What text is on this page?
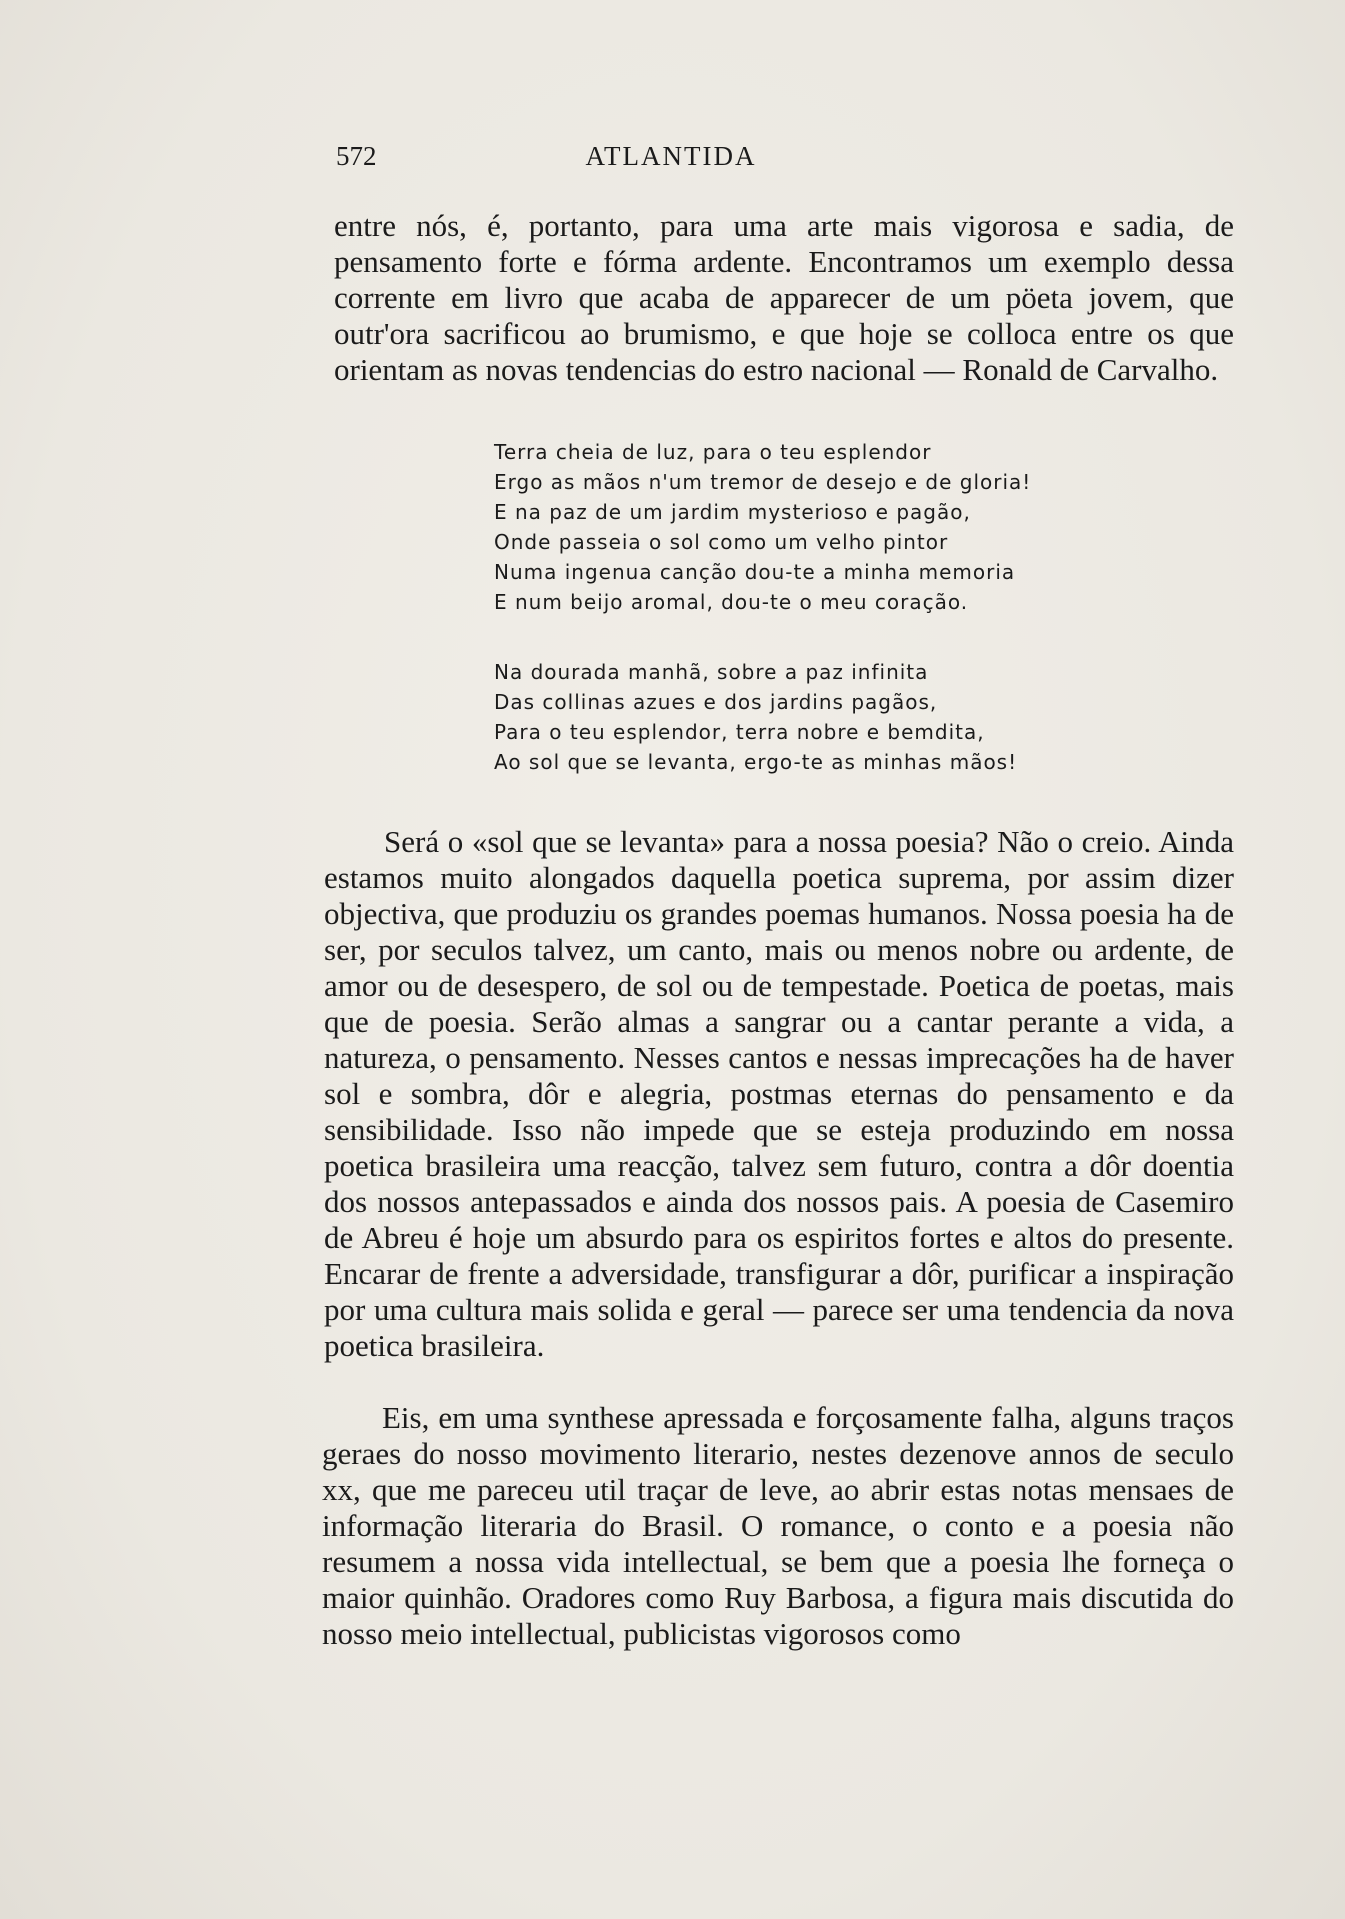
572	ATLANTIDA

entre nós, é, portanto, para uma arte mais vigorosa e sadia, de pensamento forte e fórma ardente. Encontramos um exemplo dessa corrente em livro que acaba de apparecer de um pöeta jovem, que outr'ora sacrificou ao brumismo, e que hoje se colloca entre os que orientam as novas tendencias do estro nacional — Ronald de Carvalho.

Terra cheia de luz, para o teu esplendor
Ergo as mãos n'um tremor de desejo e de gloria!
E na paz de um jardim mysterioso e pagão,
Onde passeia o sol como um velho pintor
Numa ingenua canção dou-te a minha memoria
E num beijo aromal, dou-te o meu coração.
Na dourada manhã, sobre a paz infinita
Das collinas azues e dos jardins pagãos,
Para o teu esplendor, terra nobre e bemdita,
Ao sol que se levanta, ergo-te as minhas mãos!

Será o «sol que se levanta» para a nossa poesia? Não o creio. Ainda estamos muito alongados daquella poetica suprema, por assim dizer objectiva, que produziu os grandes poemas humanos. Nossa poesia ha de ser, por seculos talvez, um canto, mais ou menos nobre ou ardente, de amor ou de desespero, de sol ou de tempestade. Poetica de poetas, mais que de poesia. Serão almas a sangrar ou a cantar perante a vida, a natureza, o pensamento. Nesses cantos e nessas imprecações ha de haver sol e sombra, dôr e alegria, postmas eternas do pensamento e da sensibilidade. Isso não impede que se esteja produzindo em nossa poetica brasileira uma reacção, talvez sem futuro, contra a dôr doentia dos nossos antepassados e ainda dos nossos pais. A poesia de Casemiro de Abreu é hoje um absurdo para os espiritos fortes e altos do presente. Encarar de frente a adversidade, transfigurar a dôr, purificar a inspiração por uma cultura mais solida e geral — parece ser uma tendencia da nova poetica brasileira.

Eis, em uma synthese apressada e forçosamente falha, alguns traços geraes do nosso movimento literario, nestes dezenove annos de seculo xx, que me pareceu util traçar de leve, ao abrir estas notas mensaes de informação literaria do Brasil. O romance, o conto e a poesia não resumem a nossa vida intellectual, se bem que a poesia lhe forneça o maior quinhão. Oradores como Ruy Barbosa, a figura mais discutida do nosso meio intellectual, publicistas vigorosos como
